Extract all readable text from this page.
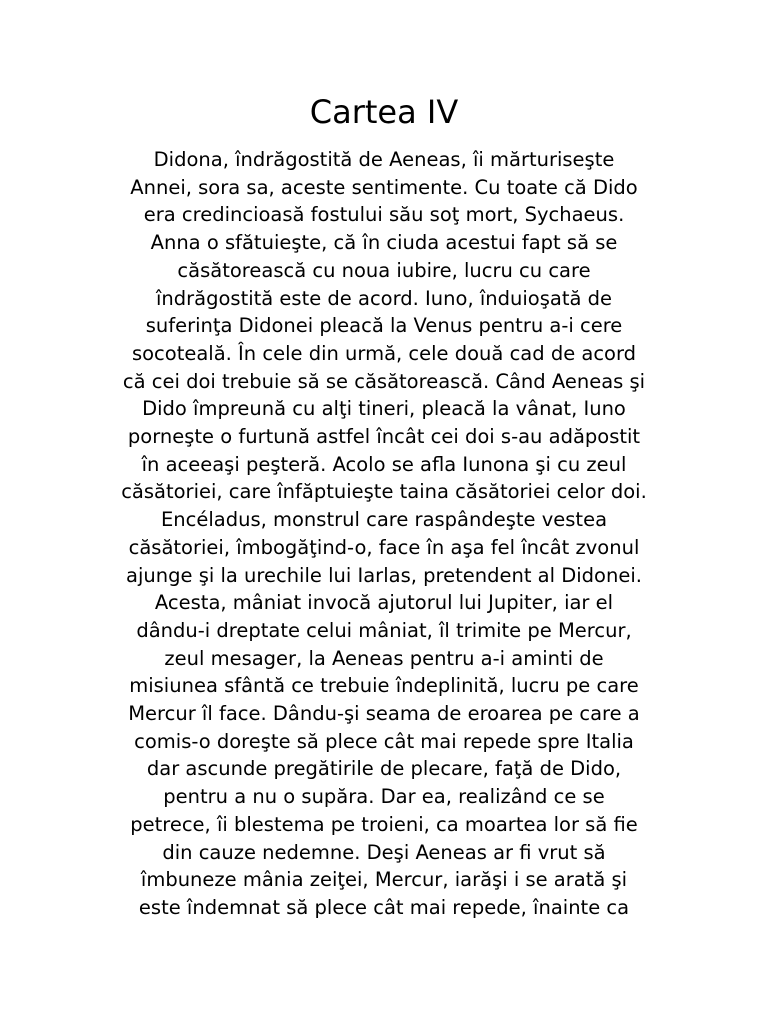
Cartea IV
Didona, îndrăgostită de Aeneas, îi mărturiseşte
Annei, sora sa, aceste sentimente. Cu toate că Dido
era credincioasă fostului său soţ mort, Sychaeus.
Anna o sfătuieşte, că în ciuda acestui fapt să se
căsătorească cu noua iubire, lucru cu care
îndrăgostită este de acord. Iuno, înduioşată de
suferinţa Didonei pleacă la Venus pentru a-i cere
socoteală. În cele din urmă, cele două cad de acord
că cei doi trebuie să se căsătorească. Când Aeneas şi
Dido împreună cu alţi tineri, pleacă la vânat, Iuno
porneşte o furtună astfel încât cei doi s-au adăpostit
în aceeaşi peşteră. Acolo se afla Iunona şi cu zeul
căsătoriei, care înfăptuieşte taina căsătoriei celor doi.
Encéladus, monstrul care raspândeşte vestea
căsătoriei, îmbogăţind-o, face în aşa fel încât zvonul
ajunge şi la urechile lui Iarlas, pretendent al Didonei.
Acesta, mâniat invocă ajutorul lui Jupiter, iar el
dându-i dreptate celui mâniat, îl trimite pe Mercur,
zeul mesager, la Aeneas pentru a-i aminti de
misiunea sfântă ce trebuie îndeplinită, lucru pe care
Mercur îl face. Dându-şi seama de eroarea pe care a
comis-o doreşte să plece cât mai repede spre Italia
dar ascunde pregătirile de plecare, faţă de Dido,
pentru a nu o supăra. Dar ea, realizând ce se
petrece, îi blestema pe troieni, ca moartea lor să fie
din cauze nedemne. Deşi Aeneas ar fi vrut să
îmbuneze mânia zeiţei, Mercur, iarăşi i se arată şi
este îndemnat să plece cât mai repede, înainte ca
